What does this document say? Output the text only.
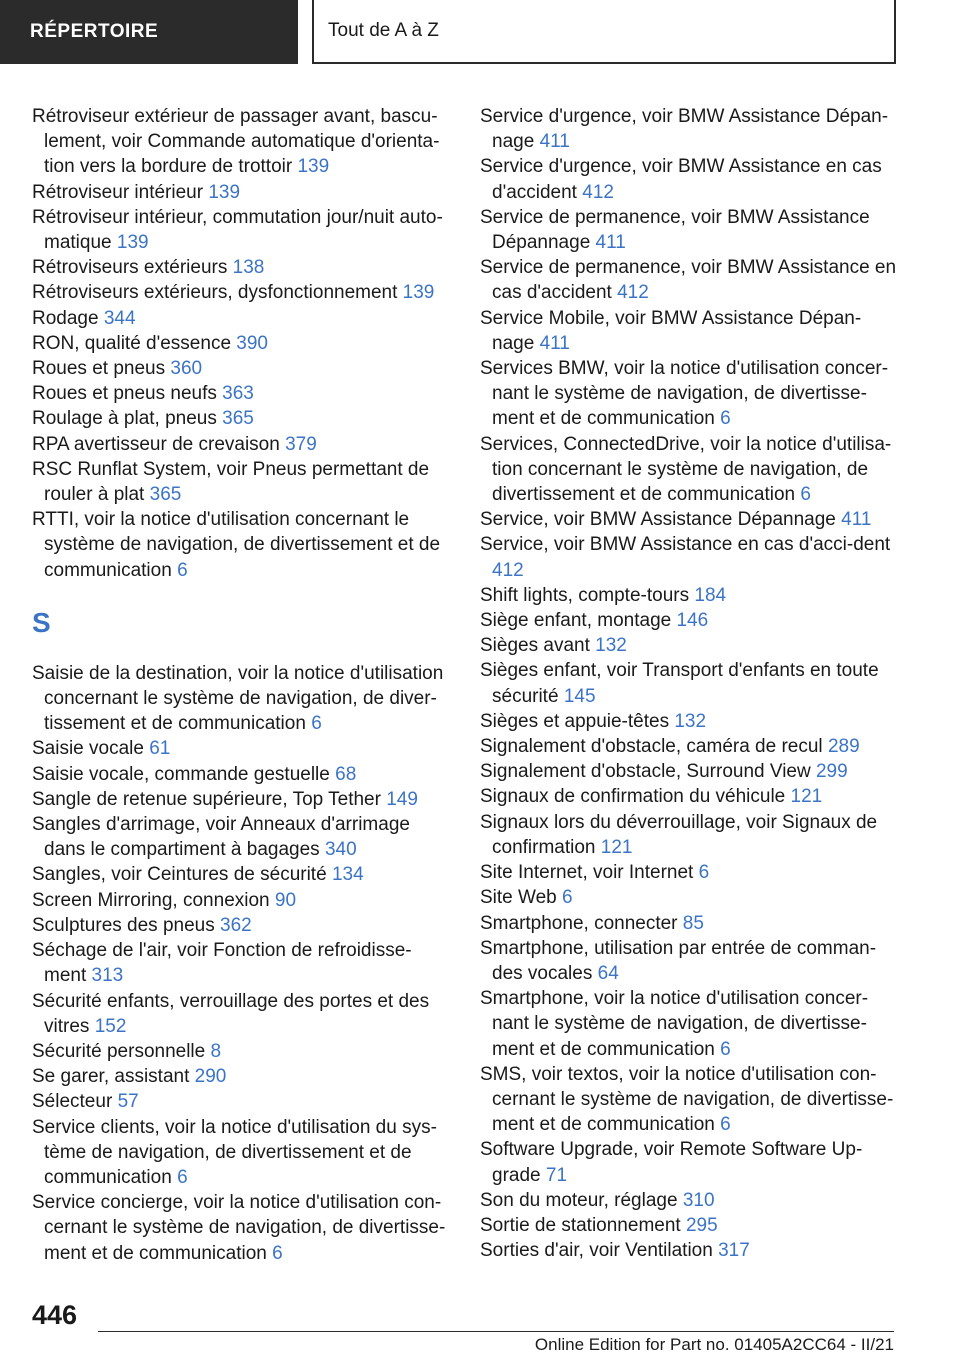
RÉPERTOIRE	Tout de A à Z

Rétroviseur extérieur de passager avant, bascu-lement, voir Commande automatique d'orienta-tion vers la bordure de trottoir 139

Rétroviseur intérieur 139

Rétroviseur intérieur, commutation jour/nuit auto-matique 139

Rétroviseurs extérieurs 138

Rétroviseurs extérieurs, dysfonctionnement 139

Rodage 344

RON, qualité d'essence 390

Roues et pneus 360

Roues et pneus neufs 363

Roulage à plat, pneus 365

RPA avertisseur de crevaison 379

RSC Runflat System, voir Pneus permettant de rouler à plat 365

RTTI, voir la notice d'utilisation concernant le système de navigation, de divertissement et de communication 6

S

Saisie de la destination, voir la notice d'utilisation concernant le système de navigation, de diver-tissement et de communication 6

Saisie vocale 61

Saisie vocale, commande gestuelle 68

Sangle de retenue supérieure, Top Tether 149

Sangles d'arrimage, voir Anneaux d'arrimage dans le compartiment à bagages 340

Sangles, voir Ceintures de sécurité 134

Screen Mirroring, connexion 90

Sculptures des pneus 362

Séchage de l'air, voir Fonction de refroidisse-ment 313

Sécurité enfants, verrouillage des portes et des vitres 152

Sécurité personnelle 8

Se garer, assistant 290

Sélecteur 57

Service clients, voir la notice d'utilisation du sys-tème de navigation, de divertissement et de communication 6

Service concierge, voir la notice d'utilisation con-cernant le système de navigation, de divertisse-ment et de communication 6

Service d'urgence, voir BMW Assistance Dépan-nage 411

Service d'urgence, voir BMW Assistance en cas d'accident 412

Service de permanence, voir BMW Assistance Dépannage 411

Service de permanence, voir BMW Assistance en cas d'accident 412

Service Mobile, voir BMW Assistance Dépan-nage 411

Services BMW, voir la notice d'utilisation concer-nant le système de navigation, de divertisse-ment et de communication 6

Services, ConnectedDrive, voir la notice d'utilisa-tion concernant le système de navigation, de divertissement et de communication 6

Service, voir BMW Assistance Dépannage 411

Service, voir BMW Assistance en cas d'acci-dent 412

Shift lights, compte-tours 184

Siège enfant, montage 146

Sièges avant 132

Sièges enfant, voir Transport d'enfants en toute sécurité 145

Sièges et appuie-têtes 132

Signalement d'obstacle, caméra de recul 289

Signalement d'obstacle, Surround View 299

Signaux de confirmation du véhicule 121

Signaux lors du déverrouillage, voir Signaux de confirmation 121

Site Internet, voir Internet 6

Site Web 6

Smartphone, connecter 85

Smartphone, utilisation par entrée de comman-des vocales 64

Smartphone, voir la notice d'utilisation concer-nant le système de navigation, de divertisse-ment et de communication 6

SMS, voir textos, voir la notice d'utilisation con-cernant le système de navigation, de divertisse-ment et de communication 6

Software Upgrade, voir Remote Software Up-grade 71

Son du moteur, réglage 310

Sortie de stationnement 295

Sorties d'air, voir Ventilation 317

446
Online Edition for Part no. 01405A2CC64 - II/21
